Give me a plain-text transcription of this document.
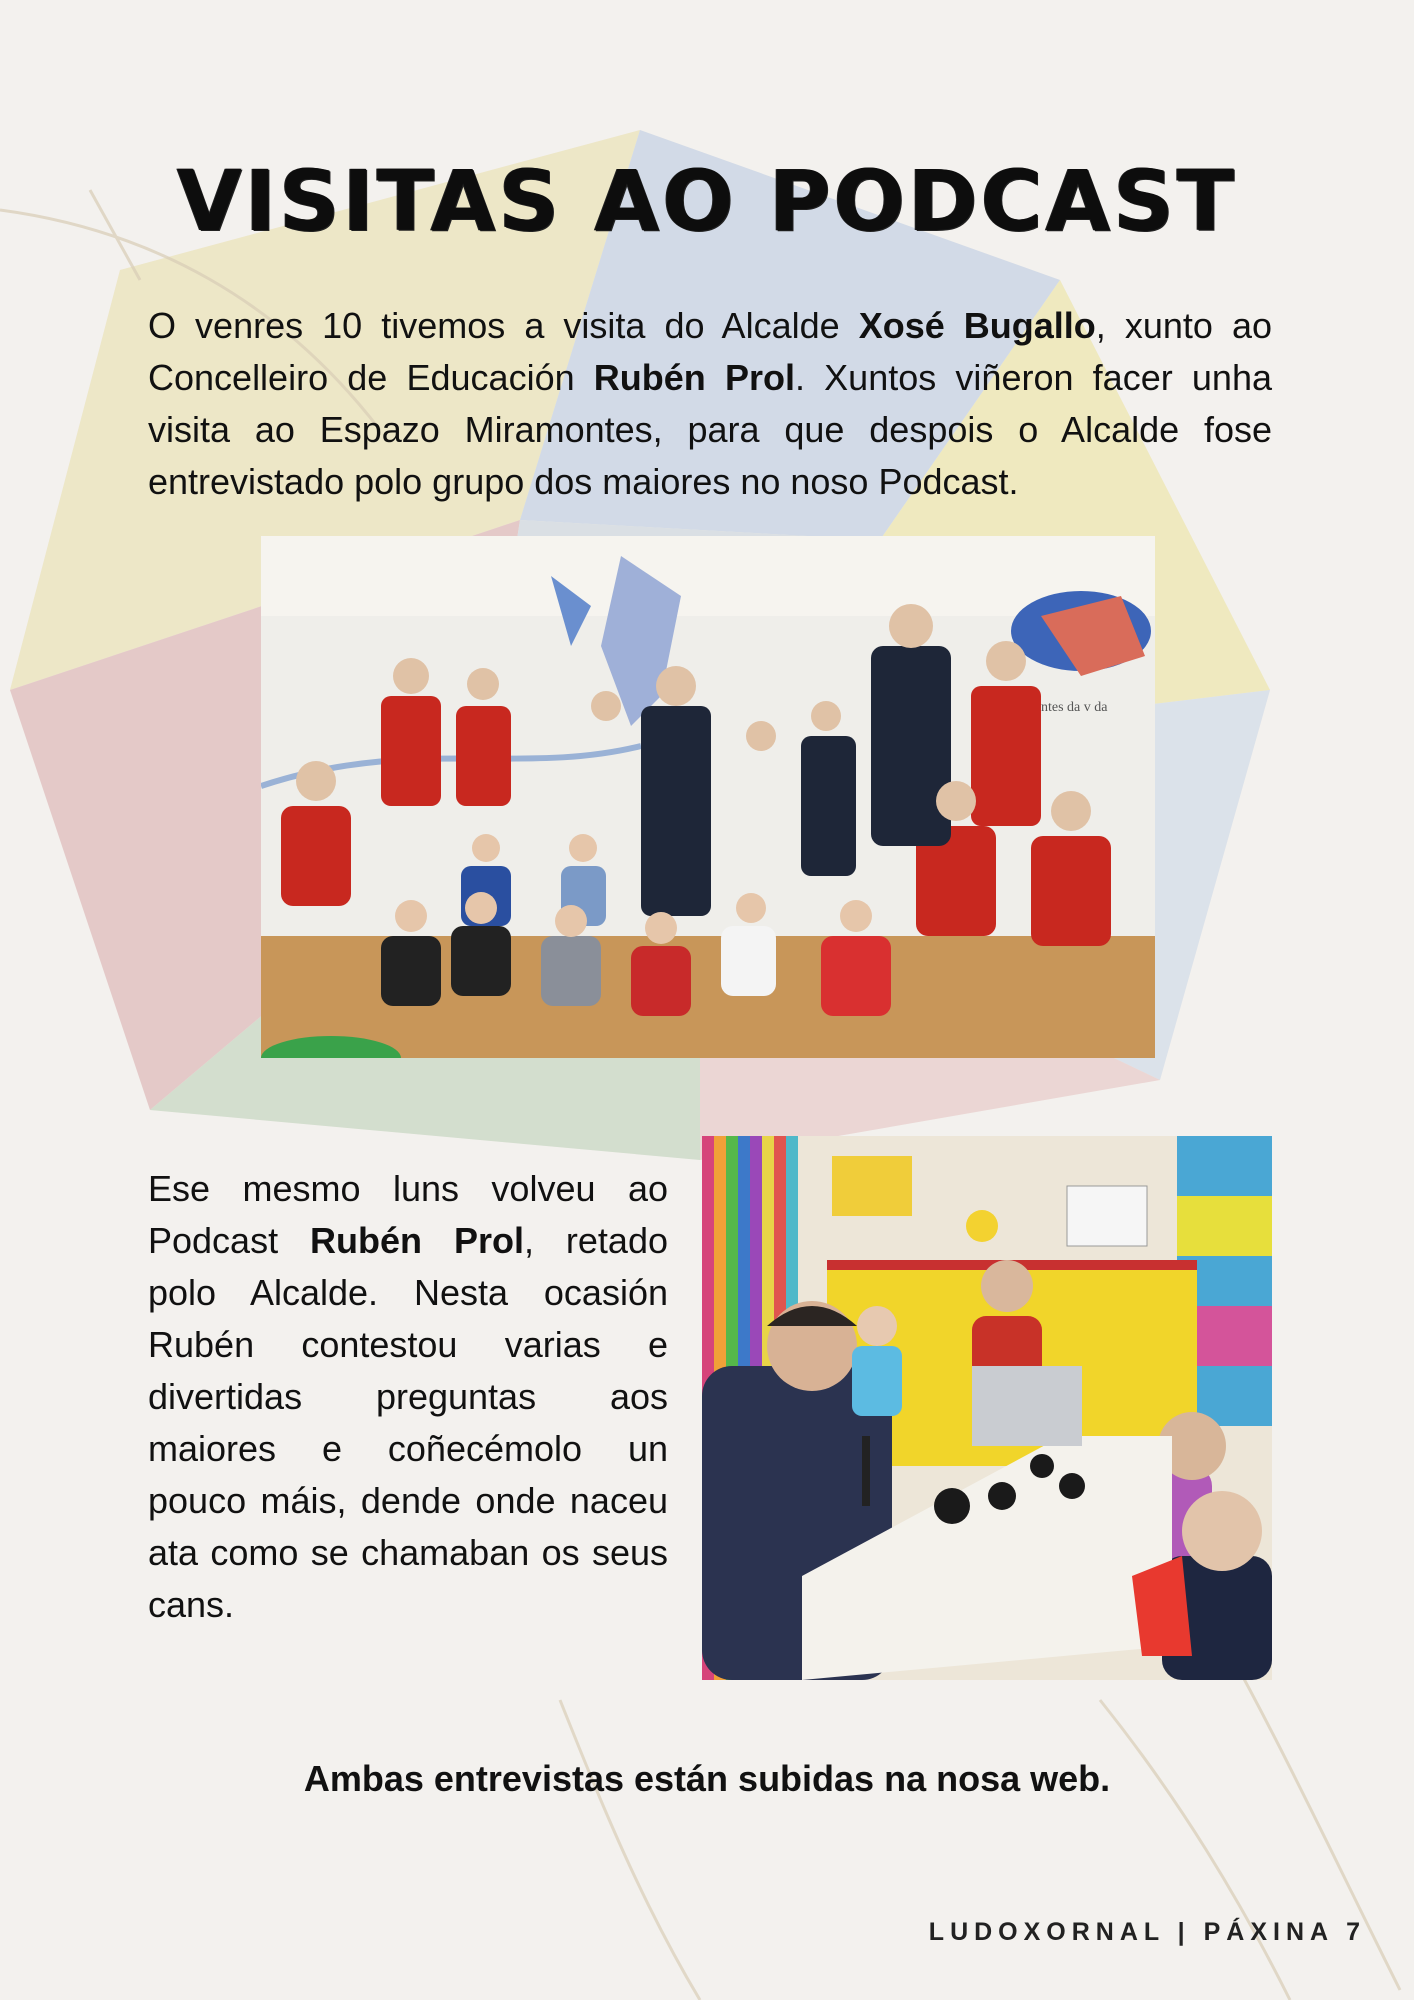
VISITAS AO PODCAST

O venres 10 tivemos a visita do Alcalde Xosé Bugallo, xunto ao Concelleiro de Educación Rubén Prol. Xuntos viñeron facer unha visita ao Espazo Miramontes, para que despois o Alcalde fose entrevistado polo grupo dos maiores no noso Podcast.

ntes da v da

Ese mesmo luns volveu ao Podcast Rubén Prol, retado polo Alcalde. Nesta ocasión Rubén contestou varias e divertidas preguntas aos maiores e coñecémolo un pouco máis, dende onde naceu ata como se chamaban os seus cans.

Ambas entrevistas están subidas na nosa web.
LUDOXORNAL | PÁXINA 7
